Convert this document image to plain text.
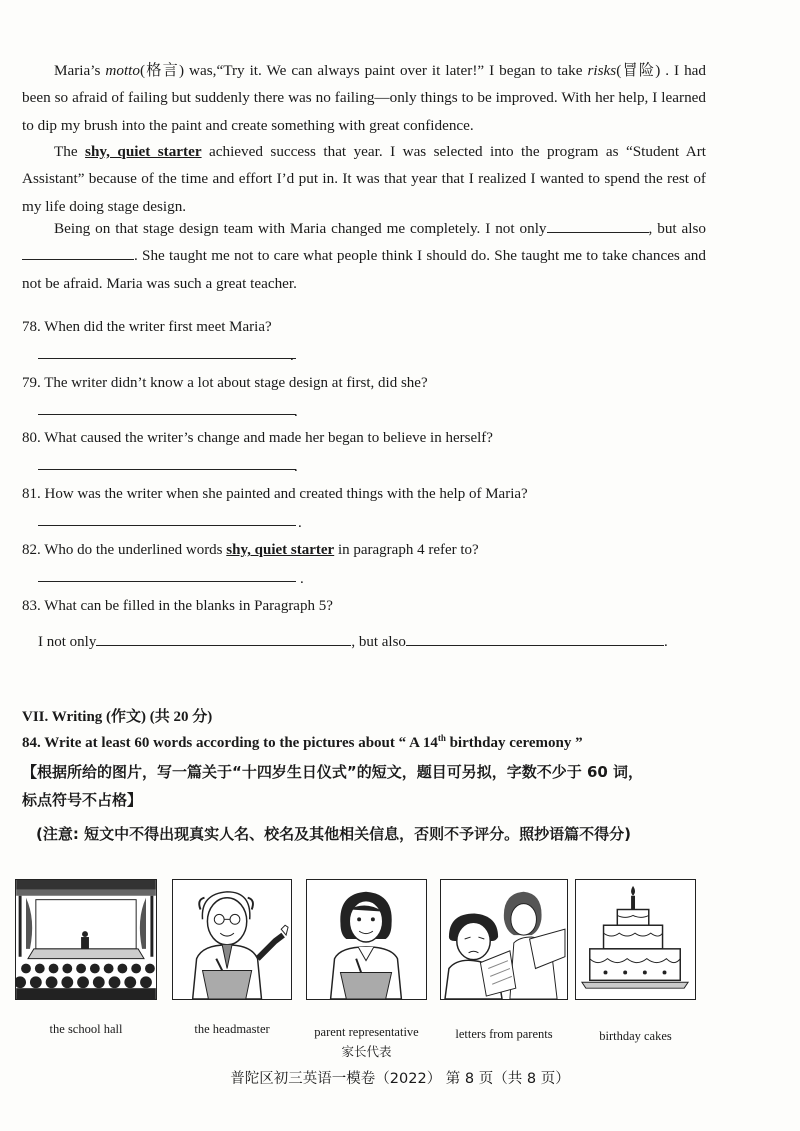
Maria’s motto(格言) was,“Try it. We can always paint over it later!” I began to take risks(冒险) . I had been so afraid of failing but suddenly there was no failing—only things to be improved. With her help, I learned to dip my brush into the paint and create something with great confidence.
The shy, quiet starter achieved success that year. I was selected into the program as “Student Art Assistant” because of the time and effort I’d put in. It was that year that I realized I wanted to spend the rest of my life doing stage design.
Being on that stage design team with Maria changed me completely. I not only	, but also. She taught me not to care what people think I should do. She taught me to take chances and not be afraid. Maria was such a great teacher.
78. When did the writer first meet Maria?
.
79. The writer didn’t know a lot about stage design at first, did she?
.
80. What caused the writer’s change and made her began to believe in herself?
.
81. How was the writer when she painted and created things with the help of Maria?
.
82. Who do the underlined words shy, quiet starter in paragraph 4 refer to?
.
83. What can be filled in the blanks in Paragraph 5?
I not only	, but also	.
VII. Writing (作文) (共 20 分)
84. Write at least 60 words according to the pictures about “ A 14th birthday ceremony ”
【根据所给的图片，写一篇关于“十四岁生日仪式”的短文，题目可另拟，字数不少于 60 词，
标点符号不占格】
(注意: 短文中不得出现真实人名、校名及其他相关信息，否则不予评分。照抄语篇不得分)
the school hall	the headmaster	parent representative
家长代表
letters from parents	birthday cakes
普陀区初三英语一模卷（2022） 第 8 页（共 8 页）
